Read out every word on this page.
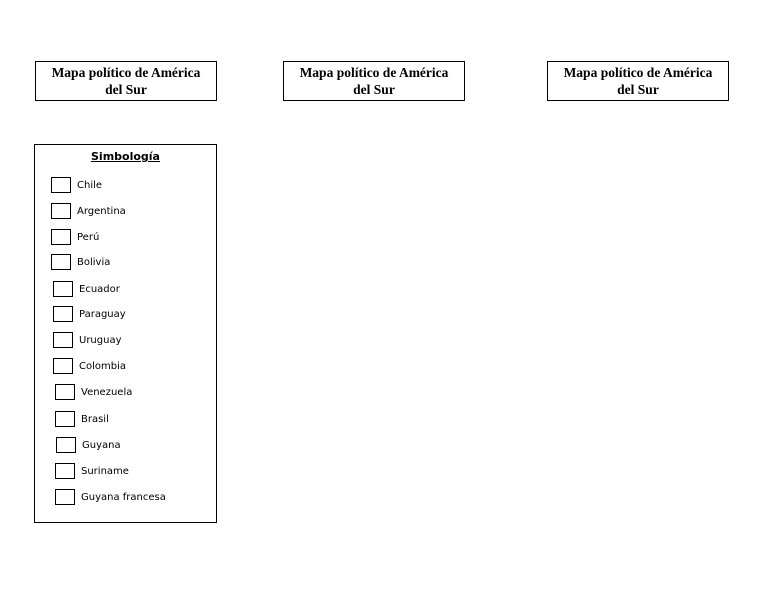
Mapa político de América del Sur
Mapa político de América del Sur
Mapa político de América del Sur
Simbología
Chile
Argentina
Perú
Bolivia
Ecuador
Paraguay
Uruguay
Colombia
Venezuela
Brasil
Guyana
Suriname
Guyana francesa
